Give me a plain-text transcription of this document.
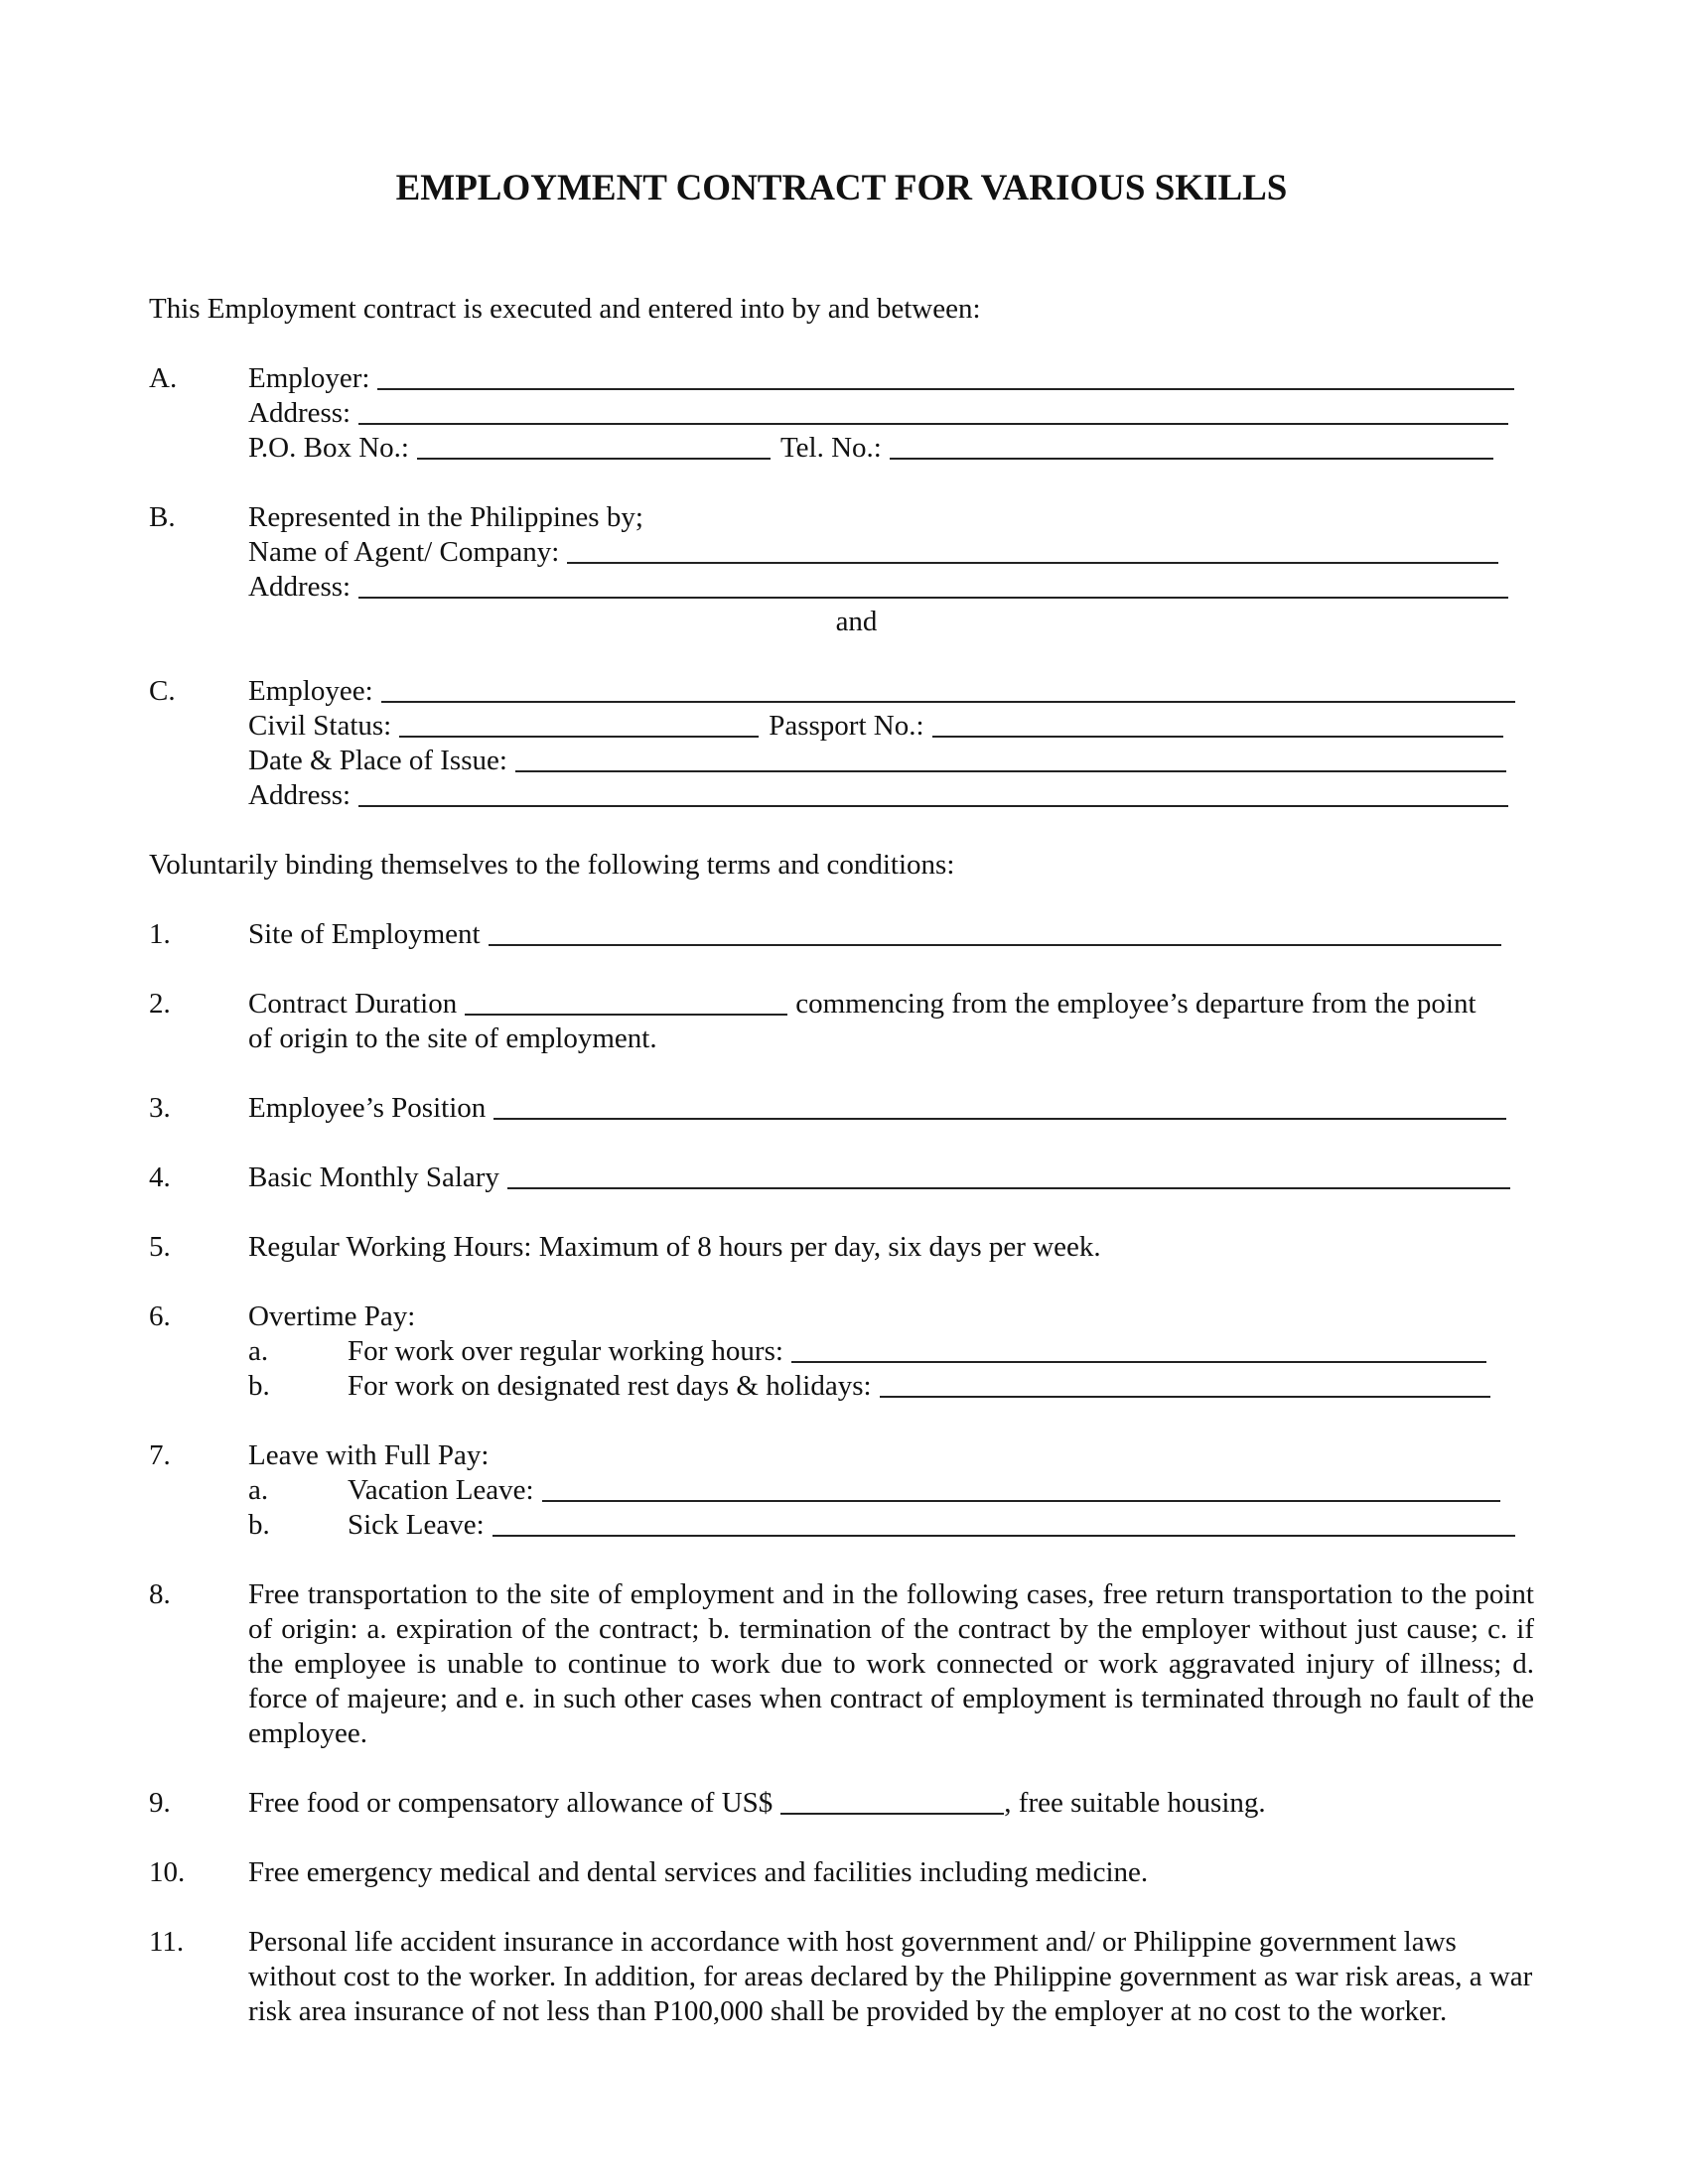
EMPLOYMENT CONTRACT FOR VARIOUS SKILLS
This Employment contract is executed and entered into by and between:
A.	Employer:
Address:
P.O. Box No.:	Tel. No.:
B.	Represented in the Philippines by;
Name of Agent/ Company:
Address:
and
C.	Employee:
Civil Status:	Passport No.:
Date & Place of Issue:
Address:
Voluntarily binding themselves to the following terms and conditions:
1.	Site of Employment
2.	Contract Duration	commencing from the employee’s departure from the point
of origin to the site of employment.
3.	Employee’s Position
4.	Basic Monthly Salary
5.	Regular Working Hours: Maximum of 8 hours per day, six days per week.
6.	Overtime Pay:
a.	For work over regular working hours:
b.	For work on designated rest days & holidays:
7.	Leave with Full Pay:
a.	Vacation Leave:
b.	Sick Leave:
8.	Free transportation to the site of employment and in the following cases, free return transportation to the point of origin: a. expiration of the contract; b. termination of the contract by the employer without just cause; c. if the employee is unable to continue to work due to work connected or work aggravated injury of illness; d. force of majeure; and e. in such other cases when contract of employment is terminated through no fault of the employee.
9.	Free food or compensatory allowance of US$	, free suitable housing.
10.	Free emergency medical and dental services and facilities including medicine.
11.	Personal life accident insurance in accordance with host government and/ or Philippine government laws without cost to the worker. In addition, for areas declared by the Philippine government as war risk areas, a war risk area insurance of not less than P100,000 shall be provided by the employer at no cost to the worker.
